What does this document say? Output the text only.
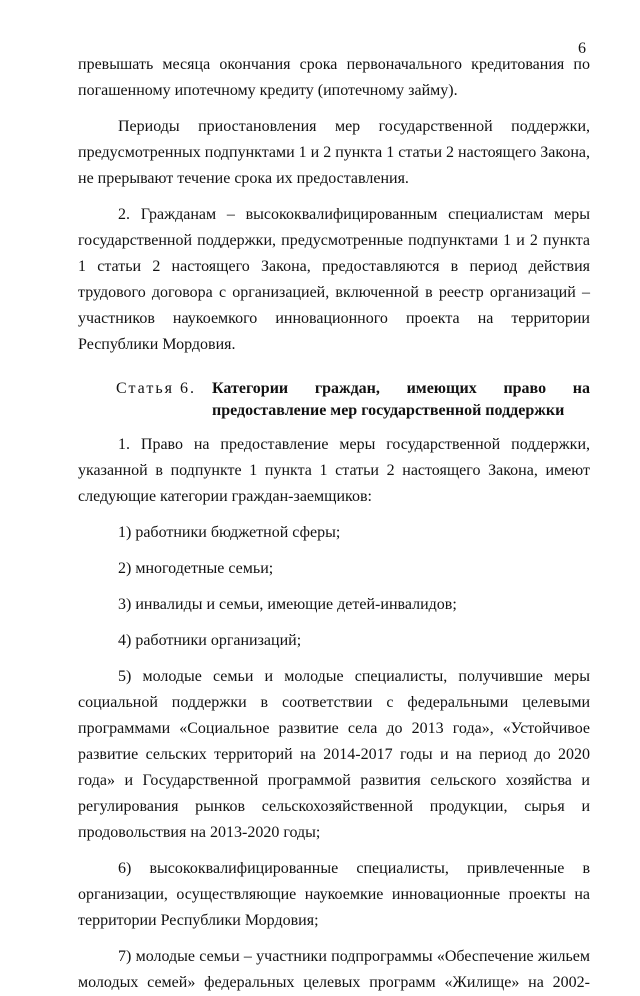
6

превышать месяца окончания срока первоначального кредитования по

погашенному ипотечному кредиту (ипотечному займу).

Периоды приостановления мер государственной поддержки,

предусмотренных подпунктами 1 и 2 пункта 1 статьи 2 настоящего Закона, не прерывают течение срока их предоставления.

2. Гражданам – высококвалифицированным специалистам меры

государственной поддержки, предусмотренные подпунктами 1 и 2 пункта 1 статьи 2 настоящего Закона, предоставляются в период действия трудового договора с организацией, включенной в реестр организаций – участников наукоемкого инновационного проекта на территории Республики Мордовия.

Статья 6.	Категории граждан, имеющих право на
предоставление мер государственной поддержки

1. Право на предоставление меры государственной поддержки,

указанной в подпункте 1 пункта 1 статьи 2 настоящего Закона, имеют следующие категории граждан-заемщиков:

1) работники бюджетной сферы;

2) многодетные семьи;

3) инвалиды и семьи, имеющие детей-инвалидов;

4) работники организаций;

5) молодые семьи и молодые специалисты, получившие меры

социальной поддержки в соответствии с федеральными целевыми программами «Социальное развитие села до 2013 года», «Устойчивое развитие сельских территорий на 2014-2017 годы и на период до 2020 года» и Государственной программой развития сельского хозяйства и регулирования рынков сельскохозяйственной продукции, сырья и продовольствия на 2013-2020 годы;

6) высококвалифицированные специалисты, привлеченные в

организации, осуществляющие наукоемкие инновационные проекты на территории Республики Мордовия;

7) молодые семьи – участники подпрограммы «Обеспечение жильем

молодых семей» федеральных целевых программ «Жилище» на 2002-
